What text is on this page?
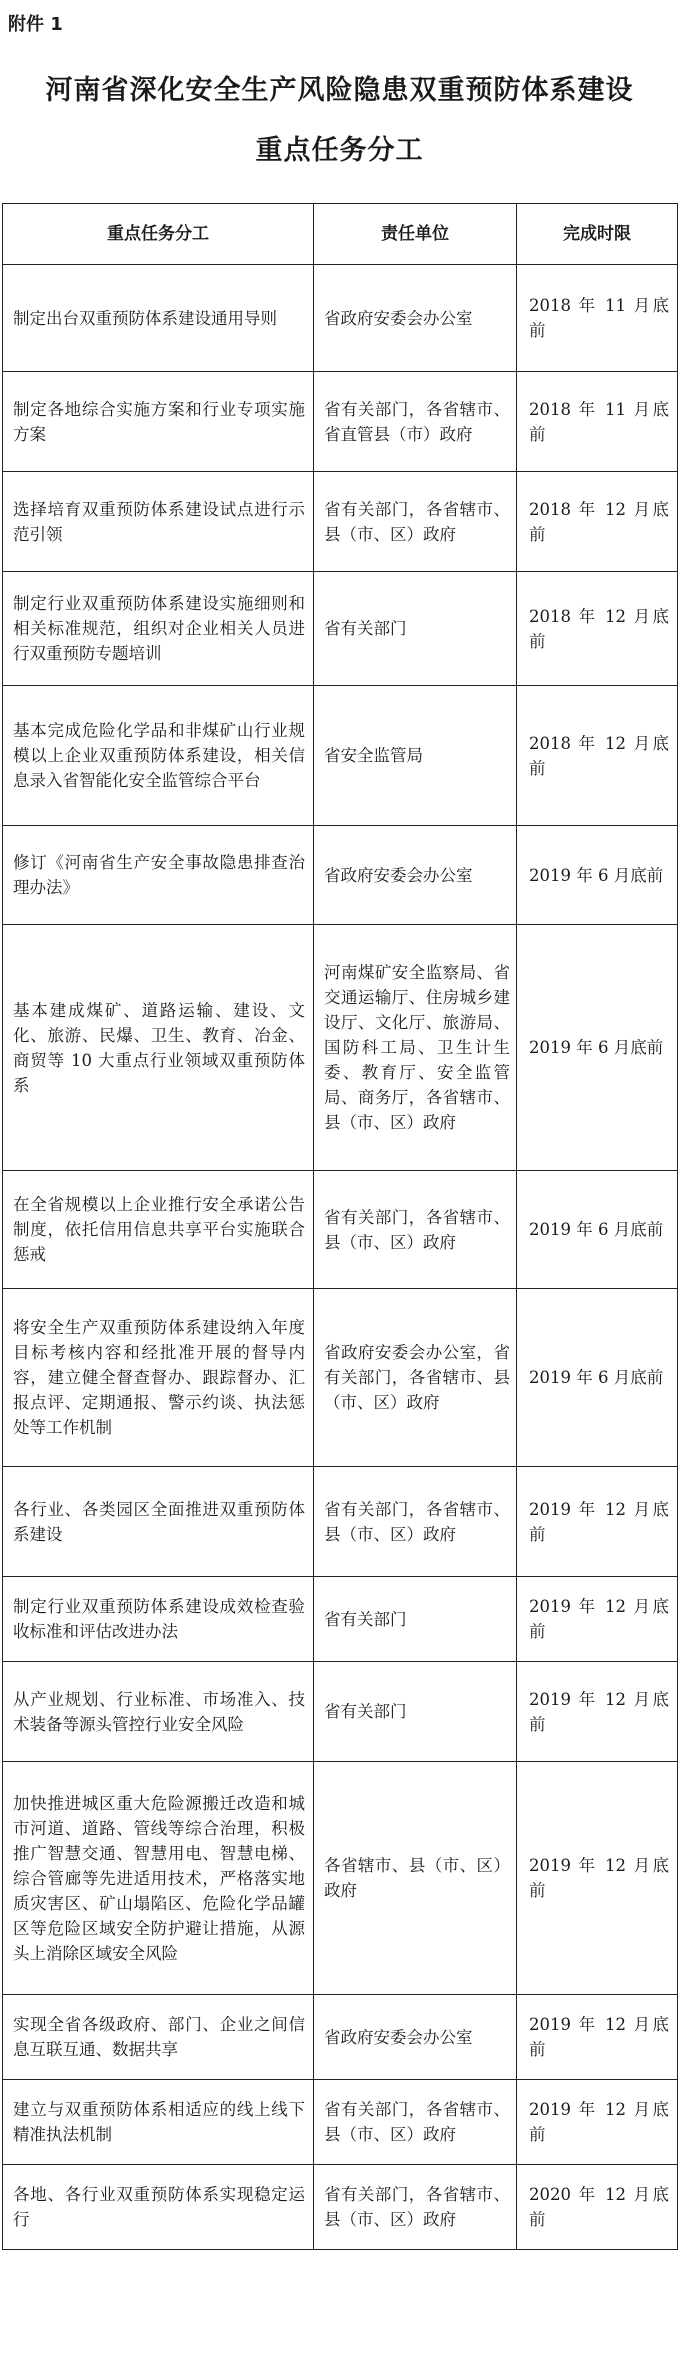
附件 1
河南省深化安全生产风险隐患双重预防体系建设
重点任务分工
重点任务分工	责任单位	完成时限
制定出台双重预防体系建设通用导则	省政府安委会办公室	2018 年 11 月底前
制定各地综合实施方案和行业专项实施方案	省有关部门，各省辖市、省直管县（市）政府	2018 年 11 月底前
选择培育双重预防体系建设试点进行示范引领	省有关部门，各省辖市、县（市、区）政府	2018 年 12 月底前
制定行业双重预防体系建设实施细则和相关标准规范，组织对企业相关人员进行双重预防专题培训	省有关部门	2018 年 12 月底前
基本完成危险化学品和非煤矿山行业规模以上企业双重预防体系建设，相关信息录入省智能化安全监管综合平台	省安全监管局	2018 年 12 月底前
修订《河南省生产安全事故隐患排查治理办法》	省政府安委会办公室	2019 年 6 月底前
基本建成煤矿、道路运输、建设、文化、旅游、民爆、卫生、教育、冶金、商贸等 10 大重点行业领域双重预防体系	河南煤矿安全监察局、省交通运输厅、住房城乡建设厅、文化厅、旅游局、国防科工局、卫生计生委、教育厅、安全监管局、商务厅，各省辖市、县（市、区）政府	2019 年 6 月底前
在全省规模以上企业推行安全承诺公告制度，依托信用信息共享平台实施联合惩戒	省有关部门，各省辖市、县（市、区）政府	2019 年 6 月底前
将安全生产双重预防体系建设纳入年度目标考核内容和经批准开展的督导内容，建立健全督查督办、跟踪督办、汇报点评、定期通报、警示约谈、执法惩处等工作机制	省政府安委会办公室，省有关部门，各省辖市、县（市、区）政府	2019 年 6 月底前
各行业、各类园区全面推进双重预防体系建设	省有关部门，各省辖市、县（市、区）政府	2019 年 12 月底前
制定行业双重预防体系建设成效检查验收标准和评估改进办法	省有关部门	2019 年 12 月底前
从产业规划、行业标准、市场准入、技术装备等源头管控行业安全风险	省有关部门	2019 年 12 月底前
加快推进城区重大危险源搬迁改造和城市河道、道路、管线等综合治理，积极推广智慧交通、智慧用电、智慧电梯、综合管廊等先进适用技术，严格落实地质灾害区、矿山塌陷区、危险化学品罐区等危险区域安全防护避让措施，从源头上消除区域安全风险	各省辖市、县（市、区）政府	2019 年 12 月底前
实现全省各级政府、部门、企业之间信息互联互通、数据共享	省政府安委会办公室	2019 年 12 月底前
建立与双重预防体系相适应的线上线下精准执法机制	省有关部门，各省辖市、县（市、区）政府	2019 年 12 月底前
各地、各行业双重预防体系实现稳定运行	省有关部门，各省辖市、县（市、区）政府	2020 年 12 月底前
